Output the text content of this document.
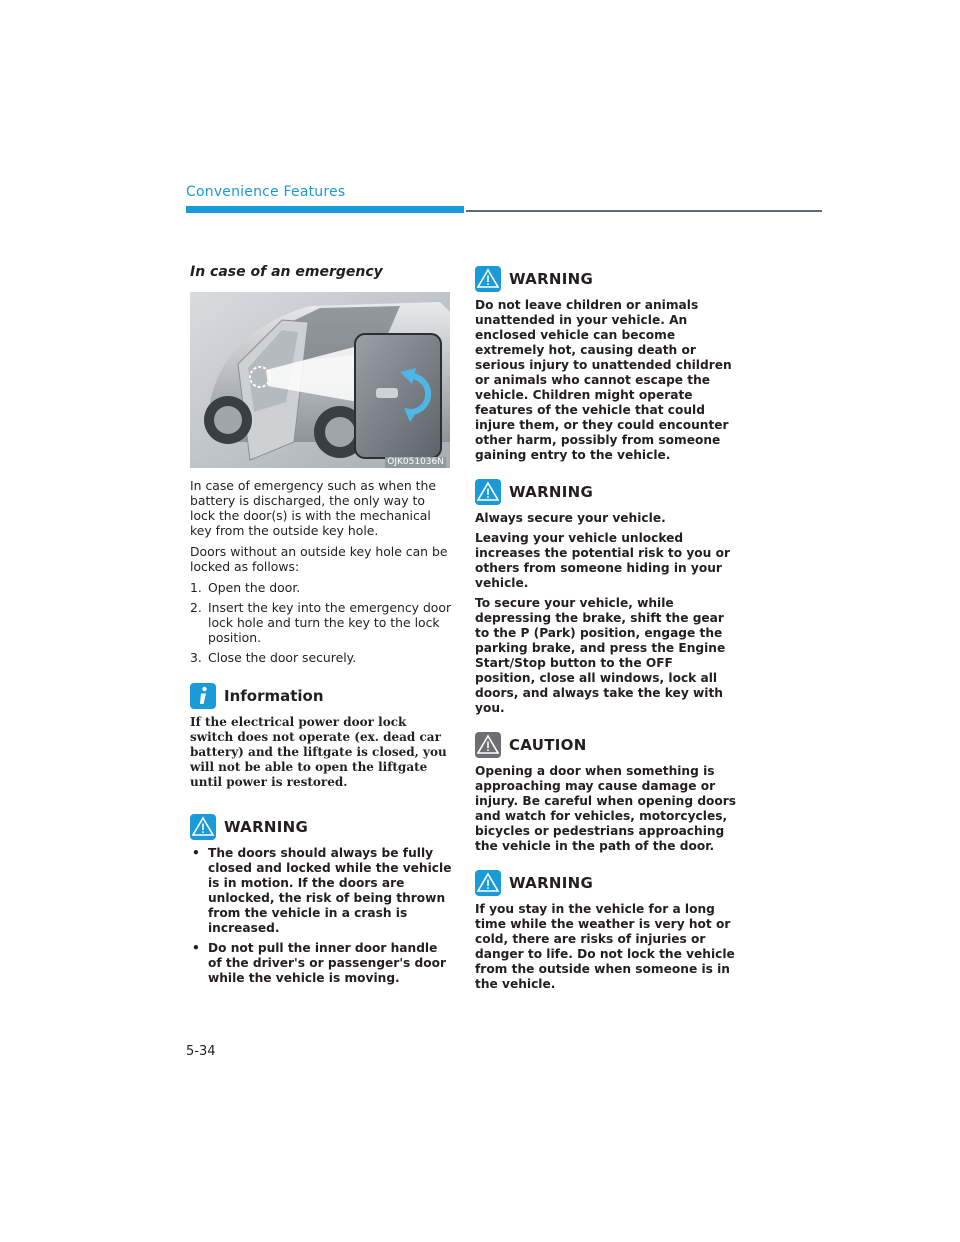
Convenience Features
In case of an emergency
OJK051036N

In case of emergency such as when the battery is discharged, the only way to lock the door(s) is with the mechanical key from the outside key hole.

Doors without an outside key hole can be locked as follows:

1. Open the door.
2. Insert the key into the emergency door lock hole and turn the key to the lock position.
3. Close the door securely.
Information

If the electrical power door lock switch does not operate (ex. dead car battery) and the liftgate is closed, you will not be able to open the liftgate until power is restored.

WARNING
• The doors should always be fully closed and locked while the vehicle is in motion. If the doors are unlocked, the risk of being thrown from the vehicle in a crash is increased.
• Do not pull the inner door handle of the driver's or passenger's door while the vehicle is moving.
WARNING

Do not leave children or animals unattended in your vehicle. An enclosed vehicle can become extremely hot, causing death or serious injury to unattended children or animals who cannot escape the vehicle. Children might operate features of the vehicle that could injure them, or they could encounter other harm, possibly from someone gaining entry to the vehicle.

WARNING

Always secure your vehicle.

Leaving your vehicle unlocked increases the potential risk to you or others from someone hiding in your vehicle.

To secure your vehicle, while depressing the brake, shift the gear to the P (Park) position, engage the parking brake, and press the Engine Start/Stop button to the OFF position, close all windows, lock all doors, and always take the key with you.

CAUTION

Opening a door when something is approaching may cause damage or injury. Be careful when opening doors and watch for vehicles, motorcycles, bicycles or pedestrians approaching the vehicle in the path of the door.

WARNING

If you stay in the vehicle for a long time while the weather is very hot or cold, there are risks of injuries or danger to life. Do not lock the vehicle from the outside when someone is in the vehicle.

5-34
